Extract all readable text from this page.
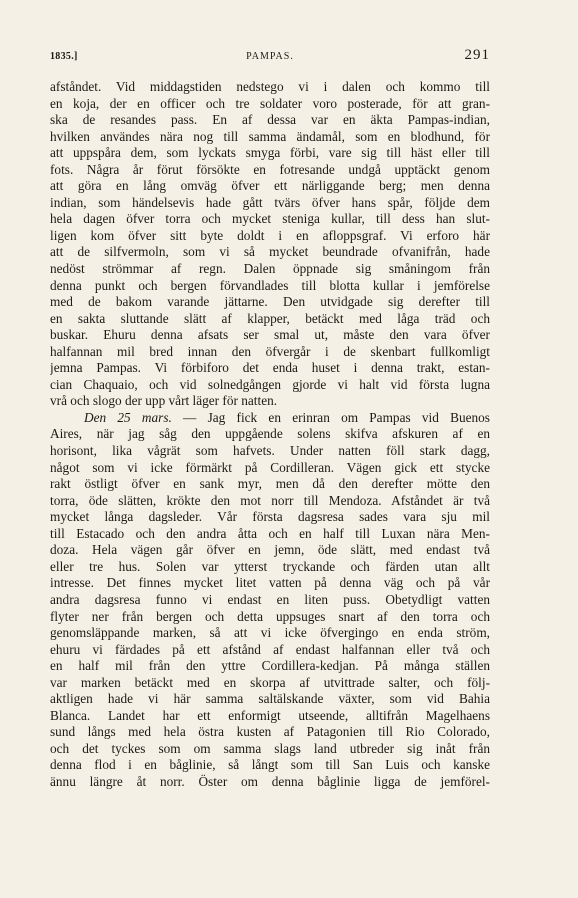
1835.]	PAMPAS.	291
afståndet. Vid middagstiden nedstego vi i dalen och kommo till
en koja, der en officer och tre soldater voro posterade, för att gran-
ska de resandes pass. En af dessa var en äkta Pampas-indian,
hvilken användes nära nog till samma ändamål, som en blodhund, för
att uppspåra dem, som lyckats smyga förbi, vare sig till häst eller till
fots. Några år förut försökte en fotresande undgå upptäckt genom
att göra en lång omväg öfver ett närliggande berg; men denna
indian, som händelsevis hade gått tvärs öfver hans spår, följde dem
hela dagen öfver torra och mycket steniga kullar, till dess han slut-
ligen kom öfver sitt byte doldt i en afloppsgraf. Vi erforo här
att de silfvermoln, som vi så mycket beundrade ofvanifrån, hade
nedöst strömmar af regn. Dalen öppnade sig småningom från
denna punkt och bergen förvandlades till blotta kullar i jemförelse
med de bakom varande jättarne. Den utvidgade sig derefter till
en sakta sluttande slätt af klapper, betäckt med låga träd och
buskar. Ehuru denna afsats ser smal ut, måste den vara öfver
halfannan mil bred innan den öfvergår i de skenbart fullkomligt
jemna Pampas. Vi förbiforo det enda huset i denna trakt, estan-
cian Chaquaio, och vid solnedgången gjorde vi halt vid första lugna
vrå och slogo der upp vårt läger för natten.
Den 25 mars. — Jag fick en erinran om Pampas vid Buenos
Aires, när jag såg den uppgående solens skifva afskuren af en
horisont, lika vågrät som hafvets. Under natten föll stark dagg,
något som vi icke förmärkt på Cordilleran. Vägen gick ett stycke
rakt östligt öfver en sank myr, men då den derefter mötte den
torra, öde slätten, krökte den mot norr till Mendoza. Afståndet är två
mycket långa dagsleder. Vår första dagsresa sades vara sju mil
till Estacado och den andra åtta och en half till Luxan nära Men-
doza. Hela vägen går öfver en jemn, öde slätt, med endast två
eller tre hus. Solen var ytterst tryckande och färden utan allt
intresse. Det finnes mycket litet vatten på denna väg och på vår
andra dagsresa funno vi endast en liten puss. Obetydligt vatten
flyter ner från bergen och detta uppsuges snart af den torra och
genomsläppande marken, så att vi icke öfvergingo en enda ström,
ehuru vi färdades på ett afstånd af endast halfannan eller två och
en half mil från den yttre Cordillera-kedjan. På många ställen
var marken betäckt med en skorpa af utvittrade salter, och följ-
aktligen hade vi här samma saltälskande växter, som vid Bahia
Blanca. Landet har ett enformigt utseende, alltifrån Magelhaens
sund långs med hela östra kusten af Patagonien till Rio Colorado,
och det tyckes som om samma slags land utbreder sig inåt från
denna flod i en båglinie, så långt som till San Luis och kanske
ännu längre åt norr. Öster om denna båglinie ligga de jemförel-
